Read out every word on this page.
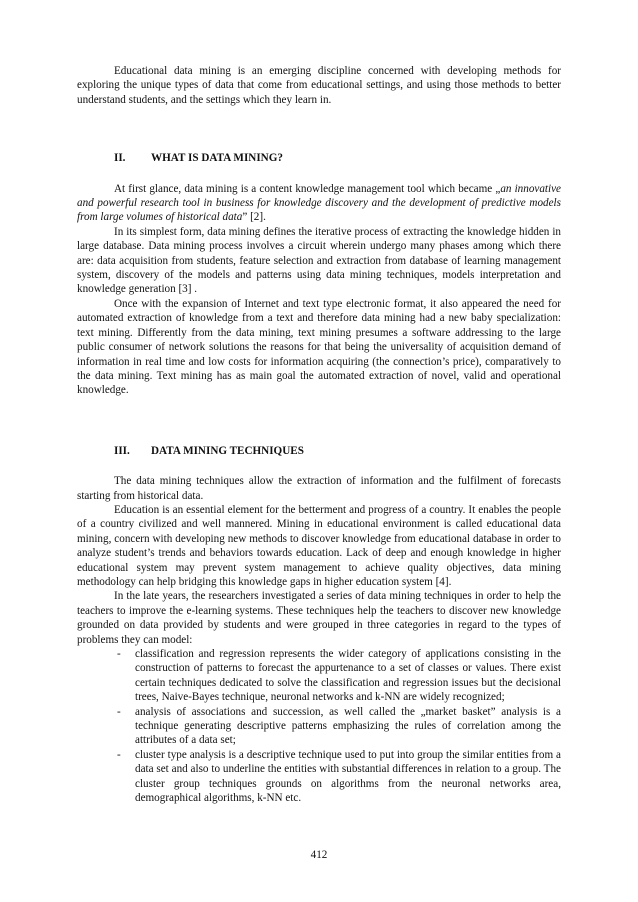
Educational data mining is an emerging discipline concerned with developing methods for exploring the unique types of data that come from educational settings, and using those methods to better understand students, and the settings which they learn in.

II.	WHAT IS DATA MINING?

At first glance, data mining is a content knowledge management tool which became „an innovative and powerful research tool in business for knowledge discovery and the development of predictive models from large volumes of historical data” [2].

In its simplest form, data mining defines the iterative process of extracting the knowledge hidden in large database. Data mining process involves a circuit wherein undergo many phases among which there are: data acquisition from students, feature selection and extraction from database of learning management system, discovery of the models and patterns using data mining techniques, models interpretation and knowledge generation [3] .

Once with the expansion of Internet and text type electronic format, it also appeared the need for automated extraction of knowledge from a text and therefore data mining had a new baby specialization: text mining. Differently from the data mining, text mining presumes a software addressing to the large public consumer of network solutions the reasons for that being the universality of acquisition demand of information in real time and low costs for information acquiring (the connection’s price), comparatively to the data mining. Text mining has as main goal the automated extraction of novel, valid and operational knowledge.

III.	DATA MINING TECHNIQUES

The data mining techniques allow the extraction of information and the fulfilment of forecasts starting from historical data.

Education is an essential element for the betterment and progress of a country. It enables the people of a country civilized and well mannered. Mining in educational environment is called educational data mining, concern with developing new methods to discover knowledge from educational database in order to analyze student’s trends and behaviors towards education. Lack of deep and enough knowledge in higher educational system may prevent system management to achieve quality objectives, data mining methodology can help bridging this knowledge gaps in higher education system [4].

In the late years, the researchers investigated a series of data mining techniques in order to help the teachers to improve the e-learning systems. These techniques help the teachers to discover new knowledge grounded on data provided by students and were grouped in three categories in regard to the types of problems they can model:

- classification and regression represents the wider category of applications consisting in the construction of patterns to forecast the appurtenance to a set of classes or values. There exist certain techniques dedicated to solve the classification and regression issues but the decisional trees, Naive-Bayes technique, neuronal networks and k-NN are widely recognized;
- analysis of associations and succession, as well called the „market basket” analysis is a technique generating descriptive patterns emphasizing the rules of correlation among the attributes of a data set;
- cluster type analysis is a descriptive technique used to put into group the similar entities from a data set and also to underline the entities with substantial differences in relation to a group. The cluster group techniques grounds on algorithms from the neuronal networks area, demographical algorithms, k-NN etc.
412
